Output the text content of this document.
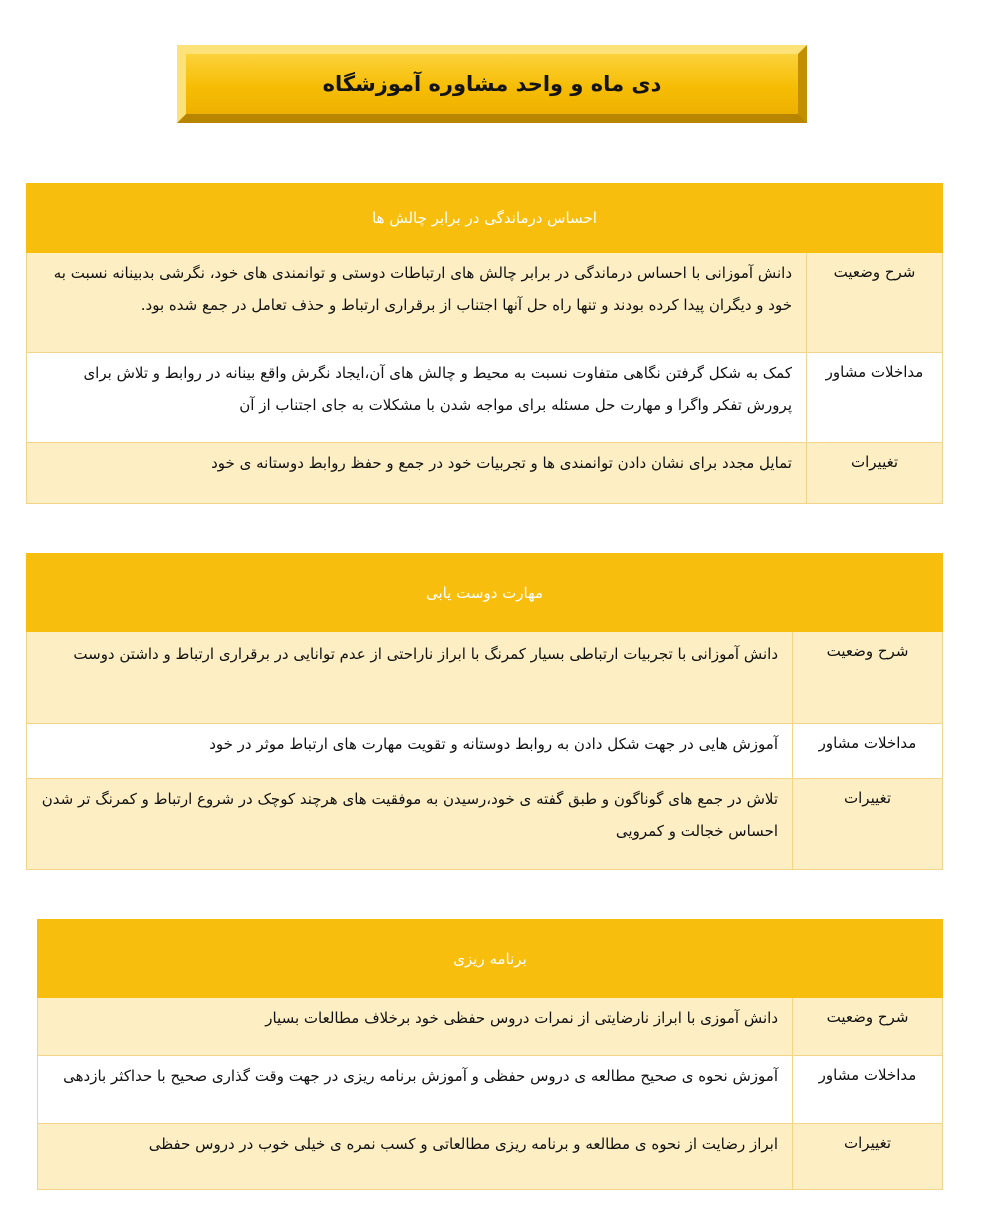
دی ماه و واحد مشاوره آموزشگاه
احساس درماندگی در برابر چالش ها	
شرح وضعیت	دانش آموزانی با احساس درماندگی در برابر چالش های ارتباطات دوستی و توانمندی های خود، نگرشی بدبینانه نسبت به خود و دیگران پیدا کرده بودند و تنها راه حل آنها اجتناب از برقراری ارتباط و حذف تعامل در جمع شده بود.
مداخلات مشاور	کمک به شکل گرفتن نگاهی متفاوت نسبت به محیط و چالش های آن،ایجاد نگرش واقع بینانه در روابط و تلاش برای پرورش تفکر واگرا و مهارت حل مسئله برای مواجه شدن با مشکلات به جای اجتناب از آن
تغییرات	تمایل مجدد برای نشان دادن توانمندی ها و تجربیات خود در جمع و حفظ روابط دوستانه ی خود
مهارت دوست یابی	
شرح وضعیت	دانش آموزانی با تجربیات ارتباطی بسیار کمرنگ با ابراز ناراحتی از عدم توانایی در برقراری ارتباط و داشتن دوست
مداخلات مشاور	آموزش هایی در جهت شکل دادن به روابط دوستانه و تقویت مهارت های ارتباط موثر در خود
تغییرات	تلاش در جمع های گوناگون و طبق گفته ی خود،رسیدن به موفقیت های هرچند کوچک در شروع ارتباط و کمرنگ تر شدن احساس خجالت و کمرویی
برنامه ریزی	
شرح وضعیت	دانش آموزی با ابراز نارضایتی از نمرات دروس حفظی خود برخلاف مطالعات بسیار
مداخلات مشاور	آموزش نحوه ی صحیح مطالعه ی دروس حفظی و آموزش برنامه ریزی در جهت وقت گذاری صحیح با حداکثر بازدهی
تغییرات	ابراز رضایت از نحوه ی مطالعه و برنامه ریزی مطالعاتی و کسب نمره ی خیلی خوب در دروس حفظی
